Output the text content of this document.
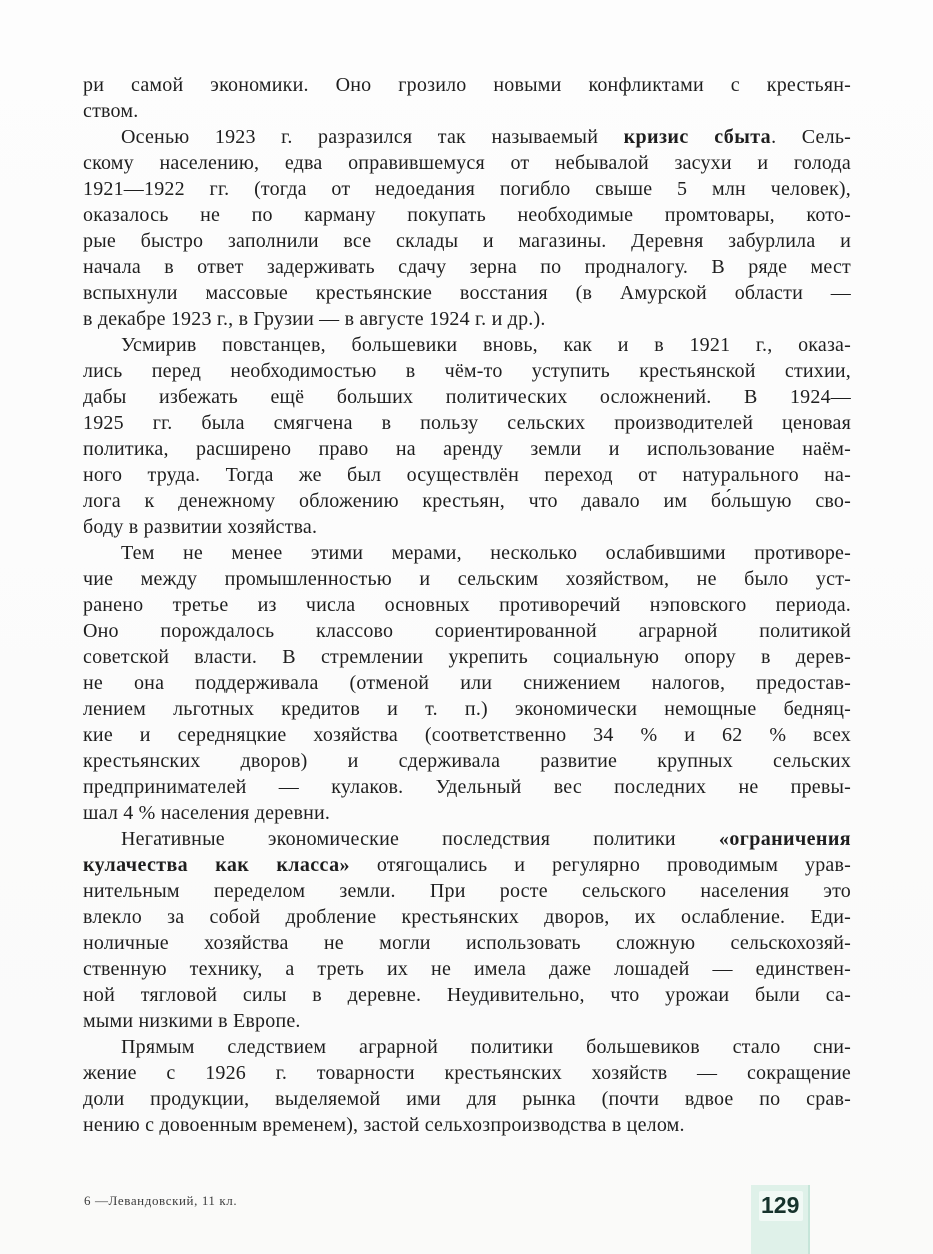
ри самой экономики. Оно грозило новыми конфликтами с крестьян-
ством.
Осенью 1923 г. разразился так называемый кризис сбыта. Сель-
скому населению, едва оправившемуся от небывалой засухи и голода
1921—1922 гг. (тогда от недоедания погибло свыше 5 млн человек),
оказалось не по карману покупать необходимые промтовары, кото-
рые быстро заполнили все склады и магазины. Деревня забурлила и
начала в ответ задерживать сдачу зерна по продналогу. В ряде мест
вспыхнули массовые крестьянские восстания (в Амурской области —
в декабре 1923 г., в Грузии — в августе 1924 г. и др.).
Усмирив повстанцев, большевики вновь, как и в 1921 г., оказа-
лись перед необходимостью в чём-то уступить крестьянской стихии,
дабы избежать ещё больших политических осложнений. В 1924—
1925 гг. была смягчена в пользу сельских производителей ценовая
политика, расширено право на аренду земли и использование наём-
ного труда. Тогда же был осуществлён переход от натурального на-
лога к денежному обложению крестьян, что давало им бо́льшую сво-
боду в развитии хозяйства.
Тем не менее этими мерами, несколько ослабившими противоре-
чие между промышленностью и сельским хозяйством, не было уст-
ранено третье из числа основных противоречий нэповского периода.
Оно порождалось классово сориентированной аграрной политикой
советской власти. В стремлении укрепить социальную опору в дерев-
не она поддерживала (отменой или снижением налогов, предостав-
лением льготных кредитов и т. п.) экономически немощные бедняц-
кие и середняцкие хозяйства (соответственно 34 % и 62 % всех
крестьянских дворов) и сдерживала развитие крупных сельских
предпринимателей — кулаков. Удельный вес последних не превы-
шал 4 % населения деревни.
Негативные экономические последствия политики «ограничения
кулачества как класса» отягощались и регулярно проводимым урав-
нительным переделом земли. При росте сельского населения это
влекло за собой дробление крестьянских дворов, их ослабление. Еди-
ноличные хозяйства не могли использовать сложную сельскохозяй-
ственную технику, а треть их не имела даже лошадей — единствен-
ной тягловой силы в деревне. Неудивительно, что урожаи были са-
мыми низкими в Европе.
Прямым следствием аграрной политики большевиков стало сни-
жение с 1926 г. товарности крестьянских хозяйств — сокращение
доли продукции, выделяемой ими для рынка (почти вдвое по срав-
нению с довоенным временем), застой сельхозпроизводства в целом.
6 —Левандовский, 11 кл.	129
